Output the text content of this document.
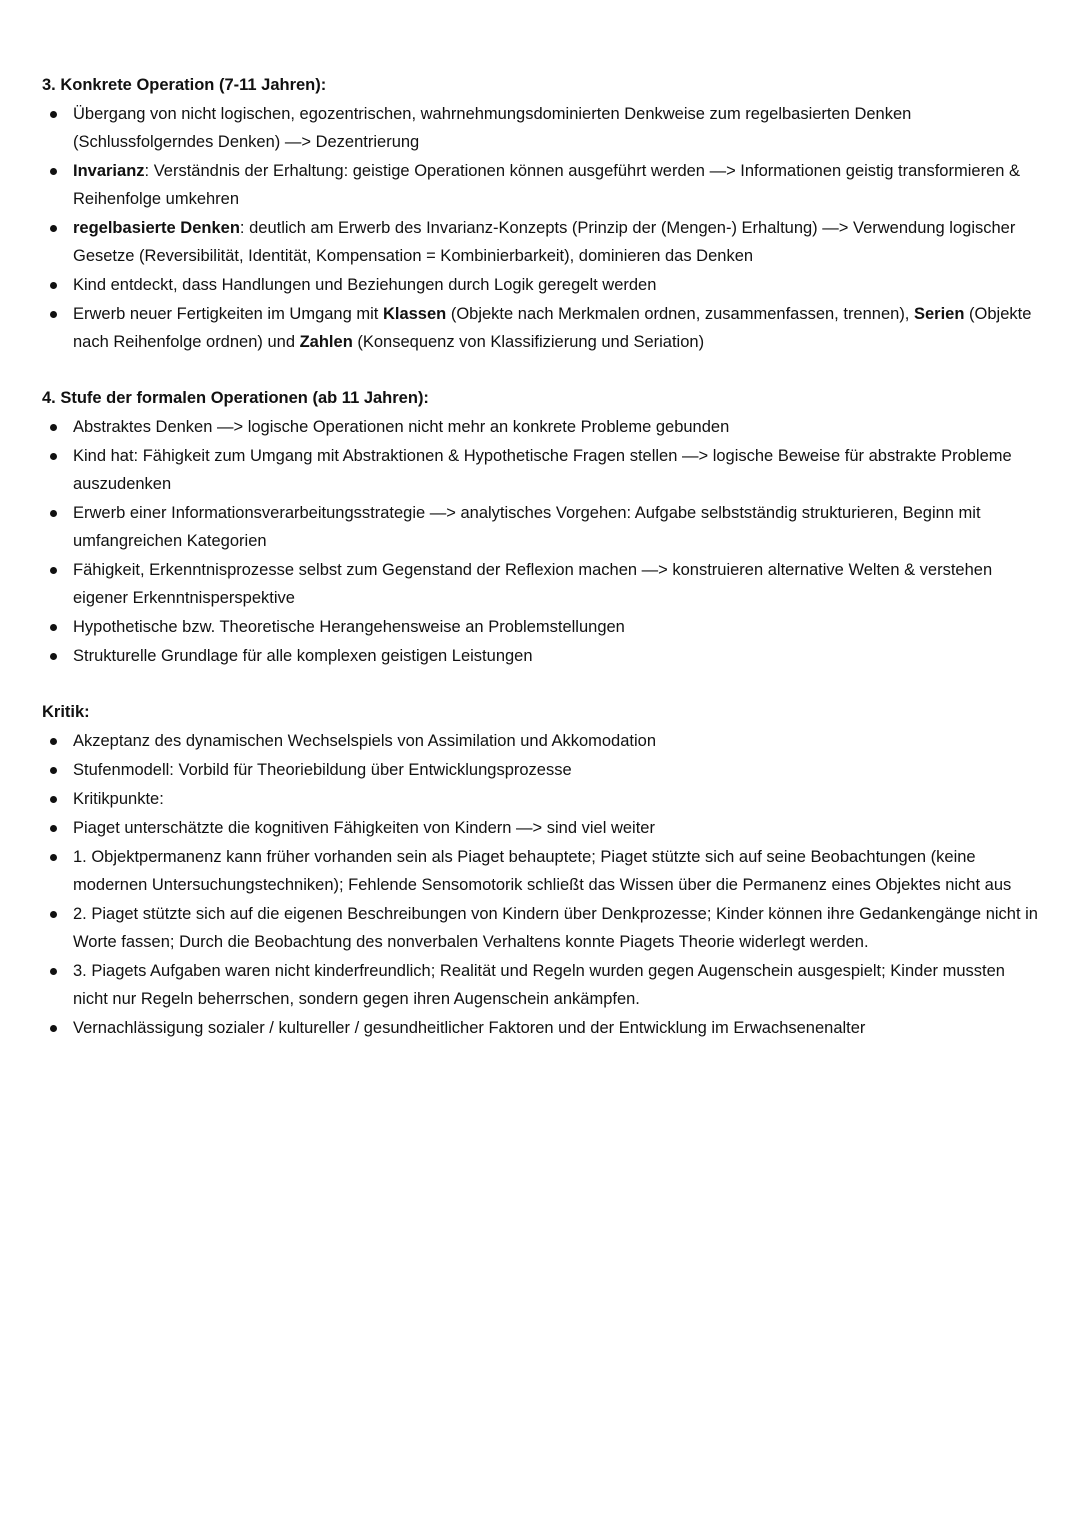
3. Konkrete Operation (7-11 Jahren):
Übergang von nicht logischen, egozentrischen, wahrnehmungsdominierten Denkweise zum regelbasierten Denken (Schlussfolgerndes Denken) —> Dezentrierung
Invarianz: Verständnis der Erhaltung: geistige Operationen können ausgeführt werden —> Informationen geistig transformieren & Reihenfolge umkehren
regelbasierte Denken: deutlich am Erwerb des Invarianz-Konzepts (Prinzip der (Mengen-) Erhaltung) —> Verwendung logischer Gesetze (Reversibilität, Identität, Kompensation = Kombinierbarkeit), dominieren das Denken
Kind entdeckt, dass Handlungen und Beziehungen durch Logik geregelt werden
Erwerb neuer Fertigkeiten im Umgang mit Klassen (Objekte nach Merkmalen ordnen, zusammenfassen, trennen), Serien (Objekte nach Reihenfolge ordnen) und Zahlen (Konsequenz von Klassifizierung und Seriation)
4. Stufe der formalen Operationen (ab 11 Jahren):
Abstraktes Denken —> logische Operationen nicht mehr an konkrete Probleme gebunden
Kind hat: Fähigkeit zum Umgang mit Abstraktionen & Hypothetische Fragen stellen —> logische Beweise für abstrakte Probleme auszudenken
Erwerb einer Informationsverarbeitungsstrategie —> analytisches Vorgehen: Aufgabe selbstständig strukturieren, Beginn mit umfangreichen Kategorien
Fähigkeit, Erkenntnisprozesse selbst zum Gegenstand der Reflexion machen —> konstruieren alternative Welten & verstehen eigener Erkenntnisperspektive
Hypothetische bzw. Theoretische Herangehensweise an Problemstellungen
Strukturelle Grundlage für alle komplexen geistigen Leistungen
Kritik:
Akzeptanz des dynamischen Wechselspiels von Assimilation und Akkomodation
Stufenmodell: Vorbild für Theoriebildung über Entwicklungsprozesse
Kritikpunkte:
Piaget unterschätzte die kognitiven Fähigkeiten von Kindern —> sind viel weiter
1. Objektpermanenz kann früher vorhanden sein als Piaget behauptete; Piaget stützte sich auf seine Beobachtungen (keine modernen Untersuchungstechniken); Fehlende Sensomotorik schließt das Wissen über die Permanenz eines Objektes nicht aus
2. Piaget stützte sich auf die eigenen Beschreibungen von Kindern über Denkprozesse; Kinder können ihre Gedankengänge nicht in Worte fassen; Durch die Beobachtung des nonverbalen Verhaltens konnte Piagets Theorie widerlegt werden.
3. Piagets Aufgaben waren nicht kinderfreundlich; Realität und Regeln wurden gegen Augenschein ausgespielt; Kinder mussten nicht nur Regeln beherrschen, sondern gegen ihren Augenschein ankämpfen.
Vernachlässigung sozialer / kultureller / gesundheitlicher Faktoren und der Entwicklung im Erwachsenenalter
